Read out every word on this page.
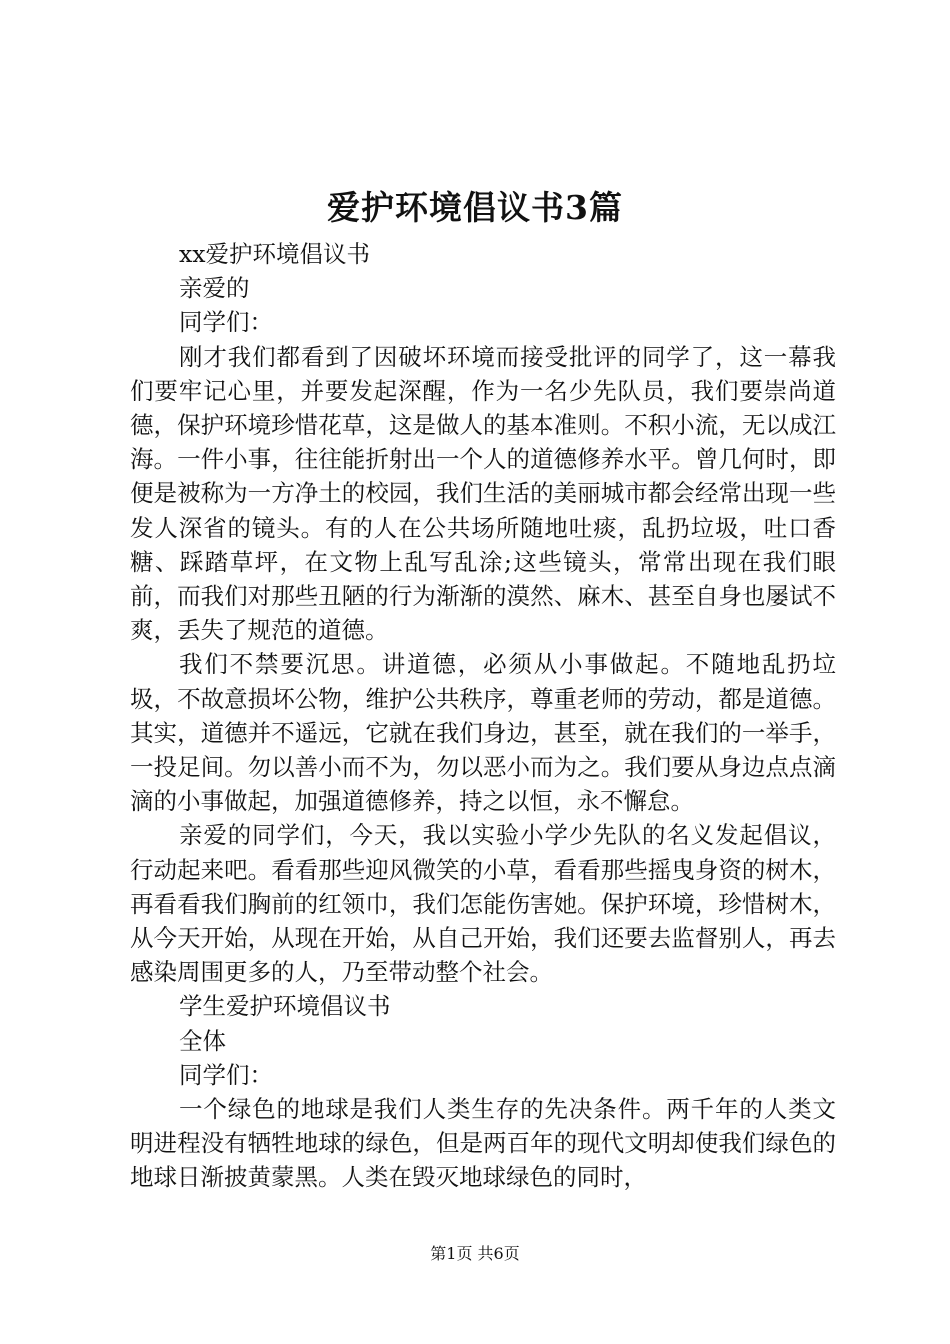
爱护环境倡议书3篇

xx爱护环境倡议书

亲爱的

同学们：

刚才我们都看到了因破坏环境而接受批评的同学了，这一幕我们要牢记心里，并要发起深醒，作为一名少先队员，我们要崇尚道德，保护环境珍惜花草，这是做人的基本准则。不积小流，无以成江海。一件小事，往往能折射出一个人的道德修养水平。曾几何时，即便是被称为一方净土的校园，我们生活的美丽城市都会经常出现一些发人深省的镜头。有的人在公共场所随地吐痰，乱扔垃圾，吐口香糖、踩踏草坪，在文物上乱写乱涂;这些镜头，常常出现在我们眼前，而我们对那些丑陋的行为渐渐的漠然、麻木、甚至自身也屡试不爽，丢失了规范的道德。

我们不禁要沉思。讲道德，必须从小事做起。不随地乱扔垃圾，不故意损坏公物，维护公共秩序，尊重老师的劳动，都是道德。其实，道德并不遥远，它就在我们身边，甚至，就在我们的一举手，一投足间。勿以善小而不为，勿以恶小而为之。我们要从身边点点滴滴的小事做起，加强道德修养，持之以恒，永不懈怠。

亲爱的同学们，今天，我以实验小学少先队的名义发起倡议，行动起来吧。看看那些迎风微笑的小草，看看那些摇曳身资的树木，再看看我们胸前的红领巾，我们怎能伤害她。保护环境，珍惜树木，从今天开始，从现在开始，从自己开始，我们还要去监督别人，再去感染周围更多的人，乃至带动整个社会。

学生爱护环境倡议书

全体

同学们：

一个绿色的地球是我们人类生存的先决条件。两千年的人类文明进程没有牺牲地球的绿色，但是两百年的现代文明却使我们绿色的地球日渐披黄蒙黑。人类在毁灭地球绿色的同时，

第1页 共6页
